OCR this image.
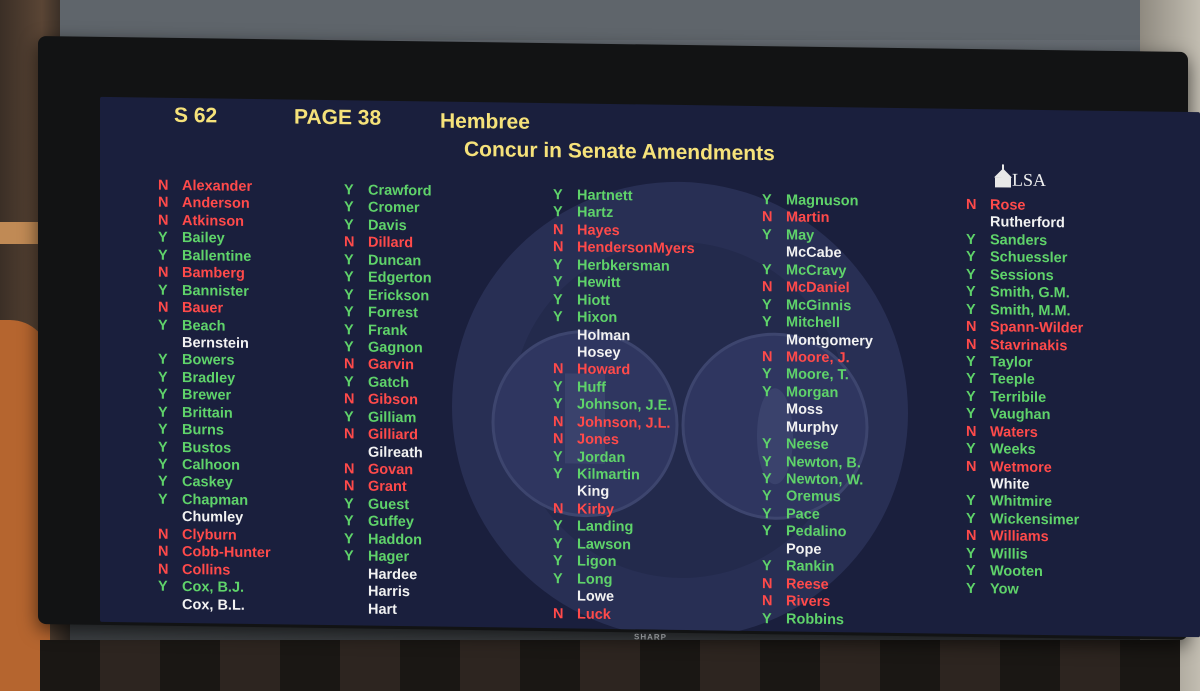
SHARP
S 62	PAGE 38	Hembree
Concur in Senate Amendments
LSA
N Alexander
N Anderson
N Atkinson
Y Bailey
Y Ballentine
N Bamberg
Y Bannister
N Bauer
Y Beach
Bernstein
Y Bowers
Y Bradley
Y Brewer
Y Brittain
Y Burns
Y Bustos
Y Calhoon
Y Caskey
Y Chapman
Chumley
N Clyburn
N Cobb-Hunter
N Collins
Y Cox, B.J.
Cox, B.L.
Y Crawford
Y Cromer
Y Davis
N Dillard
Y Duncan
Y Edgerton
Y Erickson
Y Forrest
Y Frank
Y Gagnon
N Garvin
Y Gatch
N Gibson
Y Gilliam
N Gilliard
Gilreath
N Govan
N Grant
Y Guest
Y Guffey
Y Haddon
Y Hager
Hardee
Harris
Hart
Y Hartnett
Y Hartz
N Hayes
N HendersonMyers
Y Herbkersman
Y Hewitt
Y Hiott
Y Hixon
Holman
Hosey
N Howard
Y Huff
Y Johnson, J.E.
N Johnson, J.L.
N Jones
Y Jordan
Y Kilmartin
King
N Kirby
Y Landing
Y Lawson
Y Ligon
Y Long
Lowe
N Luck
Y Magnuson
N Martin
Y May
McCabe
Y McCravy
N McDaniel
Y McGinnis
Y Mitchell
Montgomery
N Moore, J.
Y Moore, T.
Y Morgan
Moss
Murphy
Y Neese
Y Newton, B.
Y Newton, W.
Y Oremus
Y Pace
Y Pedalino
Pope
Y Rankin
N Reese
N Rivers
Y Robbins
N Rose
Rutherford
Y Sanders
Y Schuessler
Y Sessions
Y Smith, G.M.
Y Smith, M.M.
N Spann-Wilder
N Stavrinakis
Y Taylor
Y Teeple
Y Terribile
Y Vaughan
N Waters
Y Weeks
N Wetmore
White
Y Whitmire
Y Wickensimer
N Williams
Y Willis
Y Wooten
Y Yow
